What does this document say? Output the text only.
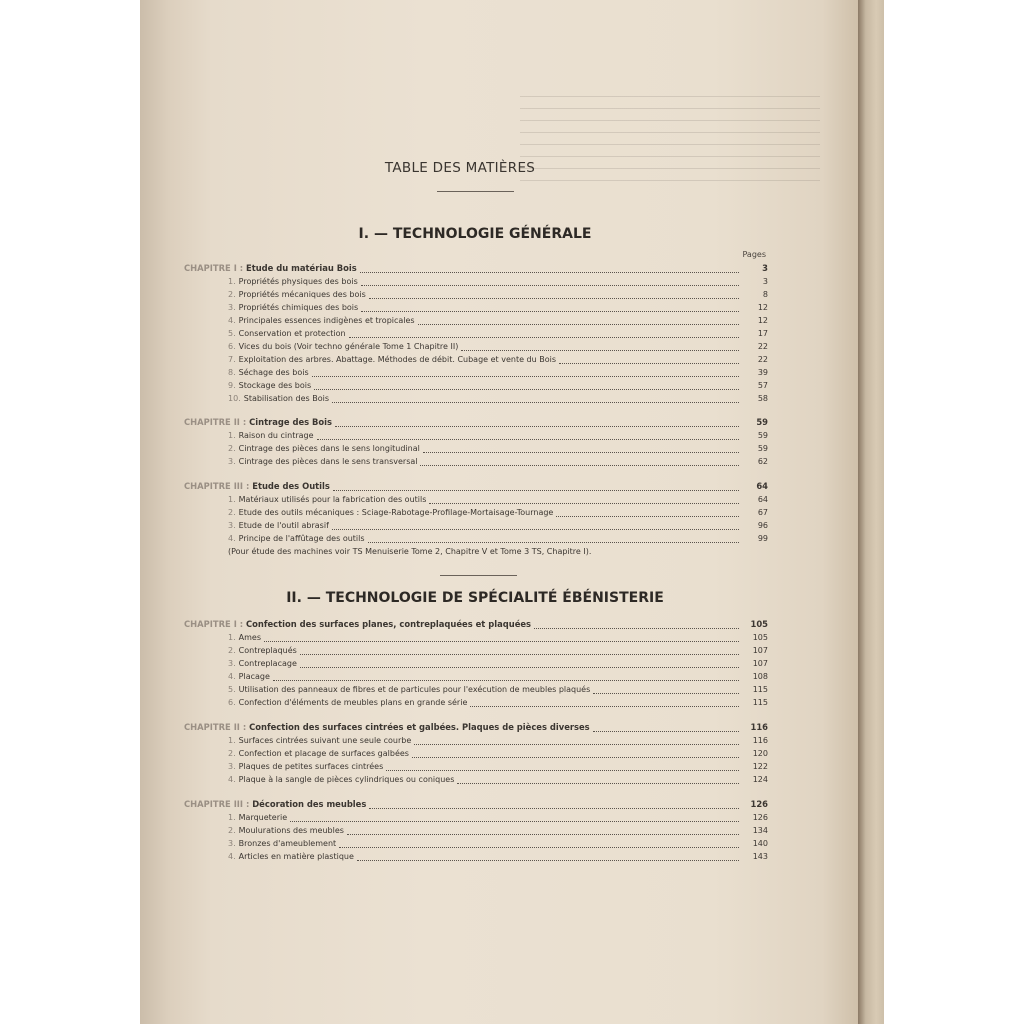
TABLE DES MATIÈRES
I. — TECHNOLOGIE GÉNÉRALE
Pages
CHAPITRE I : Etude du matériau Bois	3
1. Propriétés physiques des bois	3
2. Propriétés mécaniques des bois	8
3. Propriétés chimiques des bois	12
4. Principales essences indigènes et tropicales	12
5. Conservation et protection	17
6. Vices du bois (Voir techno générale Tome 1 Chapitre II)	22
7. Exploitation des arbres. Abattage. Méthodes de débit. Cubage et vente du Bois	22
8. Séchage des bois	39
9. Stockage des bois	57
10. Stabilisation des Bois	58
CHAPITRE II : Cintrage des Bois	59
1. Raison du cintrage	59
2. Cintrage des pièces dans le sens longitudinal	59
3. Cintrage des pièces dans le sens transversal	62
CHAPITRE III : Etude des Outils	64
1. Matériaux utilisés pour la fabrication des outils	64
2. Etude des outils mécaniques : Sciage-Rabotage-Profilage-Mortaisage-Tournage	67
3. Etude de l'outil abrasif	96
4. Principe de l'affûtage des outils	99
(Pour étude des machines voir TS Menuiserie Tome 2, Chapitre V et Tome 3 TS, Chapitre I).
II. — TECHNOLOGIE DE SPÉCIALITÉ ÉBÉNISTERIE
CHAPITRE I : Confection des surfaces planes, contreplaquées et plaquées	105
1. Ames	105
2. Contreplaqués	107
3. Contreplacage	107
4. Placage	108
5. Utilisation des panneaux de fibres et de particules pour l'exécution de meubles plaqués	115
6. Confection d'éléments de meubles plans en grande série	115
CHAPITRE II : Confection des surfaces cintrées et galbées. Plaques de pièces diverses	116
1. Surfaces cintrées suivant une seule courbe	116
2. Confection et placage de surfaces galbées	120
3. Plaques de petites surfaces cintrées	122
4. Plaque à la sangle de pièces cylindriques ou coniques	124
CHAPITRE III : Décoration des meubles	126
1. Marqueterie	126
2. Moulurations des meubles	134
3. Bronzes d'ameublement	140
4. Articles en matière plastique	143
